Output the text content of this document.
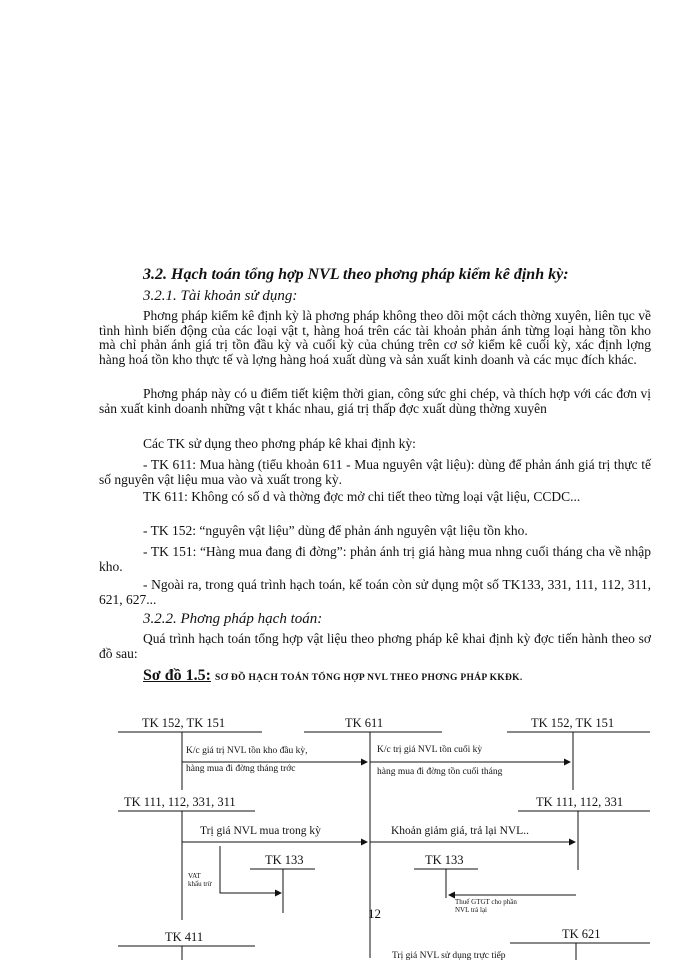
3.2. Hạch toán tổng hợp NVL theo phơng pháp kiểm kê định kỳ:
3.2.1. Tài khoản sử dụng:
Phơng pháp kiểm kê định kỳ là phơng pháp không theo dõi một cách thờng xuyên, liên tục về tình hình biến động của các loại vật t, hàng hoá trên các tài khoản phản ánh từng loại hàng tồn kho mà chỉ phản ánh giá trị tồn đầu kỳ và cuối kỳ của chúng trên cơ sở kiểm kê cuối kỳ, xác định lợng hàng hoá tồn kho thực tế và lợng hàng hoá xuất dùng và sản xuất kinh doanh và các mục đích khác.
Phơng pháp này có u điểm tiết kiệm thời gian, công sức ghi chép, và thích hợp với các đơn vị sản xuất kinh doanh những vật t khác nhau, giá trị thấp đợc xuất dùng thờng xuyên
Các TK sử dụng theo phơng pháp kê khai định kỳ:
- TK 611: Mua hàng (tiểu khoản 611 - Mua nguyên vật liệu): dùng để phản ánh giá trị thực tế số nguyên vật liệu mua vào và xuất trong kỳ.
TK 611: Không có số d và thờng đợc mở chi tiết theo từng loại vật liệu, CCDC...
- TK 152: “nguyên vật liệu” dùng để phản ánh nguyên vật liệu tồn kho.
- TK 151: “Hàng mua đang đi đờng”: phản ánh trị giá hàng mua nhng cuối tháng cha về nhập kho.
- Ngoài ra, trong quá trình hạch toán, kế toán còn sử dụng một số TK133, 331, 111, 112, 311, 621, 627...
3.2.2. Phơng pháp hạch toán:
Quá trình hạch toán tổng hợp vật liệu theo phơng pháp kê khai định kỳ đợc tiến hành theo sơ đồ sau:
Sơ đồ 1.5: SƠ ĐỒ HẠCH TOÁN TỔNG HỢP NVL THEO PHƠNG PHÁP KKĐK.
TK 152, TK 151	TK 611	TK 152, TK 151
TK 111, 112, 331, 311	TK 111, 112, 331
TK 133	TK 133
TK 411	TK 621
K/c giá trị NVL tồn kho đầu kỳ,
hàng mua đi đờng tháng trớc
K/c trị giá NVL tồn cuối kỳ
hàng mua đi đờng tồn cuối tháng
Trị giá NVL mua trong kỳ	Khoản giảm giá, trả lại NVL..
VAT
khấu trừ
Thuế GTGT cho phần
NVL trả lại
Trị giá NVL sử dụng trực tiếp
12
